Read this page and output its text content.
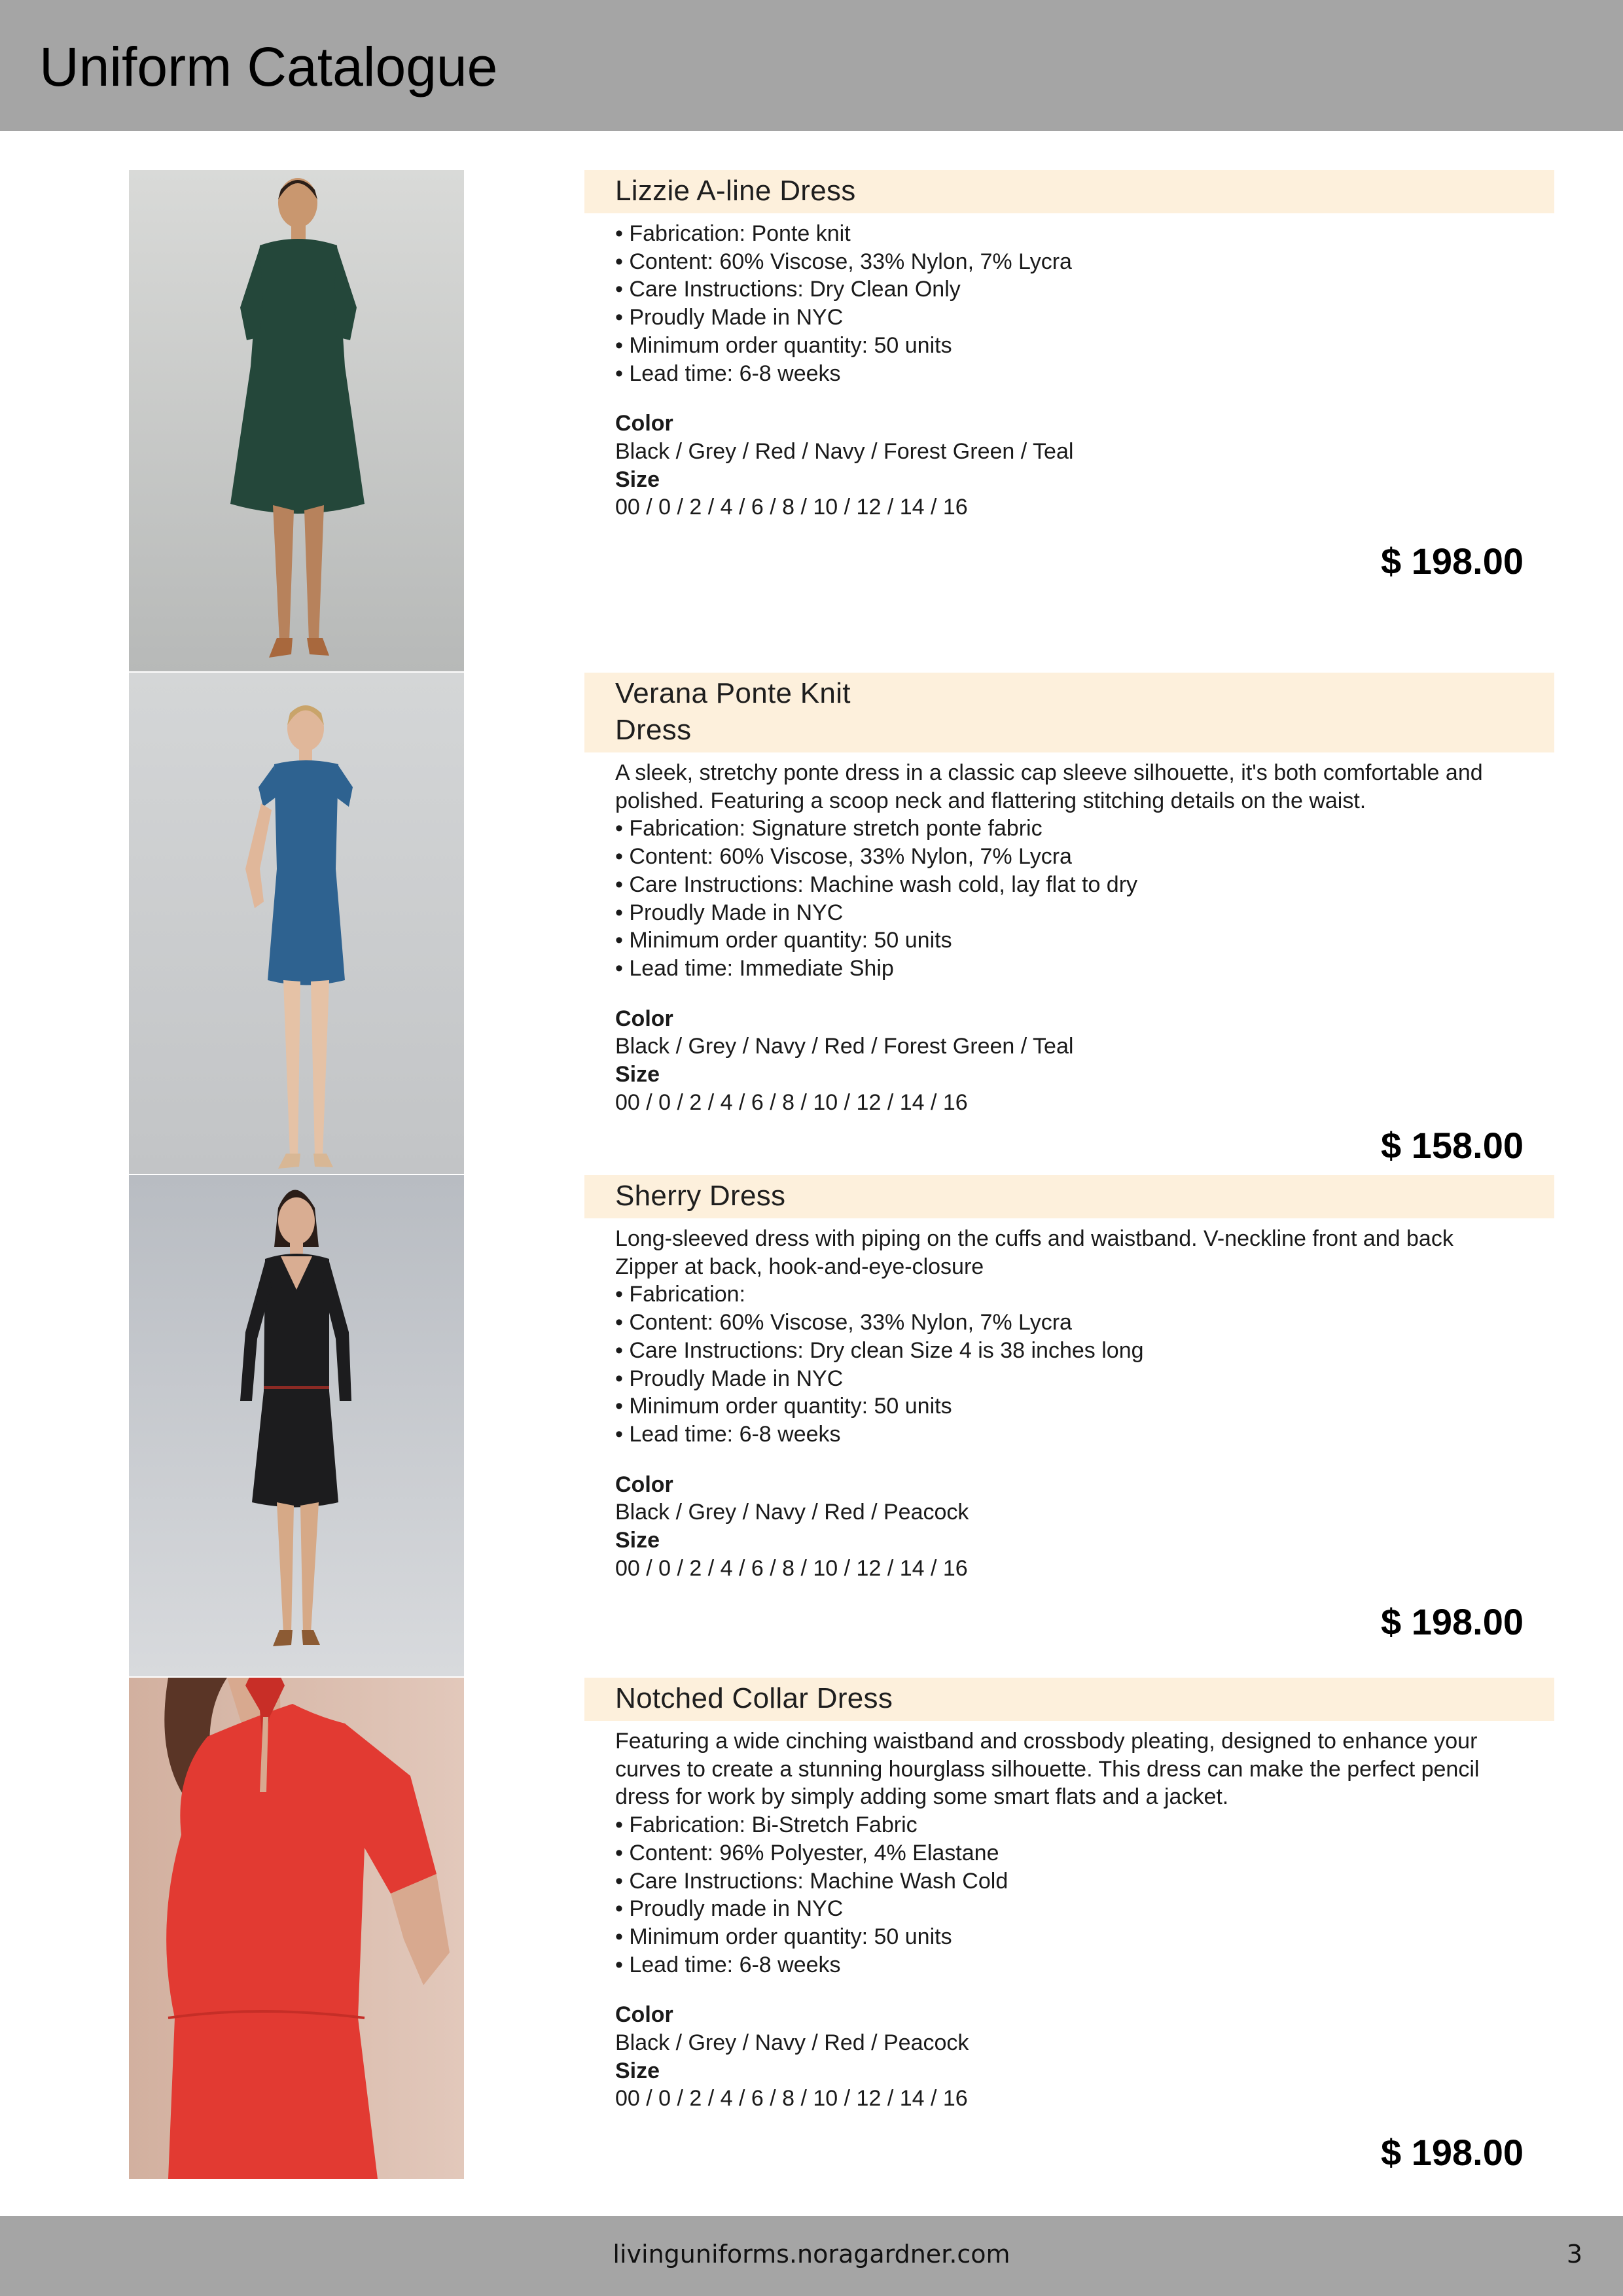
Uniform Catalogue
Lizzie A-line Dress
• Fabrication: Ponte knit
• Content: 60% Viscose, 33% Nylon, 7% Lycra
• Care Instructions: Dry Clean Only
• Proudly Made in NYC
• Minimum order quantity: 50 units
• Lead time: 6-8 weeks
Color
Black / Grey / Red / Navy / Forest Green / Teal
Size
00 / 0 / 2 / 4 / 6 / 8 / 10 / 12 / 14 / 16
$ 198.00
Verana Ponte Knit
Dress

A sleek, stretchy ponte dress in a classic cap sleeve silhouette, it's both comfortable and

polished. Featuring a scoop neck and flattering stitching details on the waist.

• Fabrication: Signature stretch ponte fabric
• Content: 60% Viscose, 33% Nylon, 7% Lycra
• Care Instructions: Machine wash cold, lay flat to dry
• Proudly Made in NYC
• Minimum order quantity: 50 units
• Lead time: Immediate Ship
Color
Black / Grey / Navy / Red / Forest Green / Teal
Size
00 / 0 / 2 / 4 / 6 / 8 / 10 / 12 / 14 / 16
$ 158.00
Sherry Dress

Long-sleeved dress with piping on the cuffs and waistband. V-neckline front and back

Zipper at back, hook-and-eye-closure

• Fabrication:
• Content: 60% Viscose, 33% Nylon, 7% Lycra
• Care Instructions: Dry clean Size 4 is 38 inches long
• Proudly Made in NYC
• Minimum order quantity: 50 units
• Lead time: 6-8 weeks
Color
Black / Grey / Navy / Red / Peacock
Size
00 / 0 / 2 / 4 / 6 / 8 / 10 / 12 / 14 / 16
$ 198.00
Notched Collar Dress

Featuring a wide cinching waistband and crossbody pleating, designed to enhance your

curves to create a stunning hourglass silhouette. This dress can make the perfect pencil

dress for work by simply adding some smart flats and a jacket.

• Fabrication: Bi-Stretch Fabric
• Content: 96% Polyester, 4% Elastane
• Care Instructions: Machine Wash Cold
• Proudly made in NYC
• Minimum order quantity: 50 units
• Lead time: 6-8 weeks
Color
Black / Grey / Navy / Red / Peacock
Size
00 / 0 / 2 / 4 / 6 / 8 / 10 / 12 / 14 / 16
$ 198.00
livinguniforms.noragardner.com	3
